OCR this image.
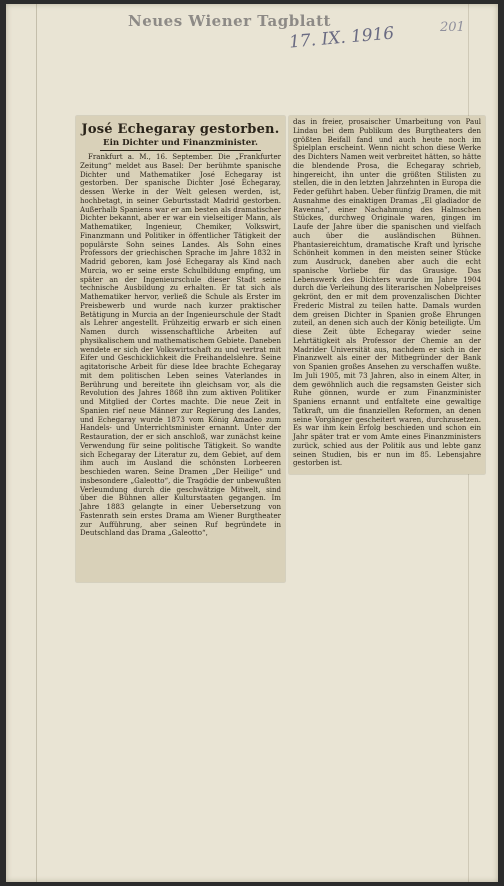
Neues Wiener Tagblatt
17. IX. 1916	201
José Echegaray gestorben.
Ein Dichter und Finanzminister.

Frankfurt a. M., 16. September. Die „Frankfurter Zeitung“ meldet aus Basel: Der berühmte spanische Dichter und Mathematiker José Echegaray ist gestorben. Der spanische Dichter José Echegaray, dessen Werke in der Welt gelesen werden, ist, hochbetagt, in seiner Geburtsstadt Madrid gestorben. Außerhalb Spaniens war er am besten als dramatischer Dichter bekannt, aber er war ein vielseitiger Mann, als Mathematiker, Ingenieur, Chemiker, Volkswirt, Finanzmann und Politiker in öffentlicher Tätigkeit der populärste Sohn seines Landes. Als Sohn eines Professors der griechischen Sprache im Jahre 1832 in Madrid geboren, kam José Echegaray als Kind nach Murcia, wo er seine erste Schulbildung empfing, um später an der Ingenieurschule dieser Stadt seine technische Ausbildung zu erhalten. Er tat sich als Mathematiker hervor, verließ die Schule als Erster im Preisbewerb und wurde nach kurzer praktischer Betätigung in Murcia an der Ingenieurschule der Stadt als Lehrer angestellt. Frühzeitig erwarb er sich einen Namen durch wissenschaftliche Arbeiten auf physikalischem und mathematischem Gebiete. Daneben wendete er sich der Volkswirtschaft zu und vertrat mit Eifer und Geschicklichkeit die Freihandelslehre. Seine agitatorische Arbeit für diese Idee brachte Echegaray mit dem politischen Leben seines Vaterlandes in Berührung und bereitete ihn gleichsam vor, als die Revolution des Jahres 1868 ihn zum aktiven Politiker und Mitglied der Cortes machte. Die neue Zeit in Spanien rief neue Männer zur Regierung des Landes, und Echegaray wurde 1873 vom König Amadeo zum Handels- und Unterrichtsminister ernannt. Unter der Restauration, der er sich anschloß, war zunächst keine Verwendung für seine politische Tätigkeit. So wandte sich Echegaray der Literatur zu, dem Gebiet, auf dem ihm auch im Ausland die schönsten Lorbeeren beschieden waren. Seine Dramen „Der Heilige“ und insbesondere „Galeotto“, die Tragödie der unbewußten Verleumdung durch die geschwätzige Mitwelt, sind über die Bühnen aller Kulturstaaten gegangen. Im Jahre 1883 gelangte in einer Uebersetzung von Fastenrath sein erstes Drama am Wiener Burgtheater zur Aufführung, aber seinen Ruf begründete in Deutschland das Drama „Galeotto“,

das in freier, prosaischer Umarbeitung von Paul Lindau bei dem Publikum des Burgtheaters den größten Beifall fand und auch heute noch im Spielplan erscheint. Wenn nicht schon diese Werke des Dichters Namen weit verbreitet hätten, so hätte die blendende Prosa, die Echegaray schrieb, hingereicht, ihn unter die größten Stilisten zu stellen, die in den letzten Jahrzehnten in Europa die Feder geführt haben. Ueber fünfzig Dramen, die mit Ausnahme des einaktigen Dramas „El gladiador de Ravenna“, einer Nachahmung des Halmschen Stückes, durchweg Originale waren, gingen im Laufe der Jahre über die spanischen und vielfach auch über die ausländischen Bühnen. Phantasiereichtum, dramatische Kraft und lyrische Schönheit kommen in den meisten seiner Stücke zum Ausdruck, daneben aber auch die echt spanische Vorliebe für das Grausige. Das Lebenswerk des Dichters wurde im Jahre 1904 durch die Verleihung des literarischen Nobelpreises gekrönt, den er mit dem provenzalischen Dichter Frederic Mistral zu teilen hatte. Damals wurden dem greisen Dichter in Spanien große Ehrungen zuteil, an denen sich auch der König beteiligte. Um diese Zeit übte Echegaray wieder seine Lehrtätigkeit als Professor der Chemie an der Madrider Universität aus, nachdem er sich in der Finanzwelt als einer der Mitbegründer der Bank von Spanien großes Ansehen zu verschaffen wußte. Im Juli 1905, mit 73 Jahren, also in einem Alter, in dem gewöhnlich auch die regsamsten Geister sich Ruhe gönnen, wurde er zum Finanzminister Spaniens ernannt und entfaltete eine gewaltige Tatkraft, um die finanziellen Reformen, an denen seine Vorgänger gescheitert waren, durchzusetzen. Es war ihm kein Erfolg beschieden und schon ein Jahr später trat er vom Amte eines Finanzministers zurück, schied aus der Politik aus und lebte ganz seinen Studien, bis er nun im 85. Lebensjahre gestorben ist.
